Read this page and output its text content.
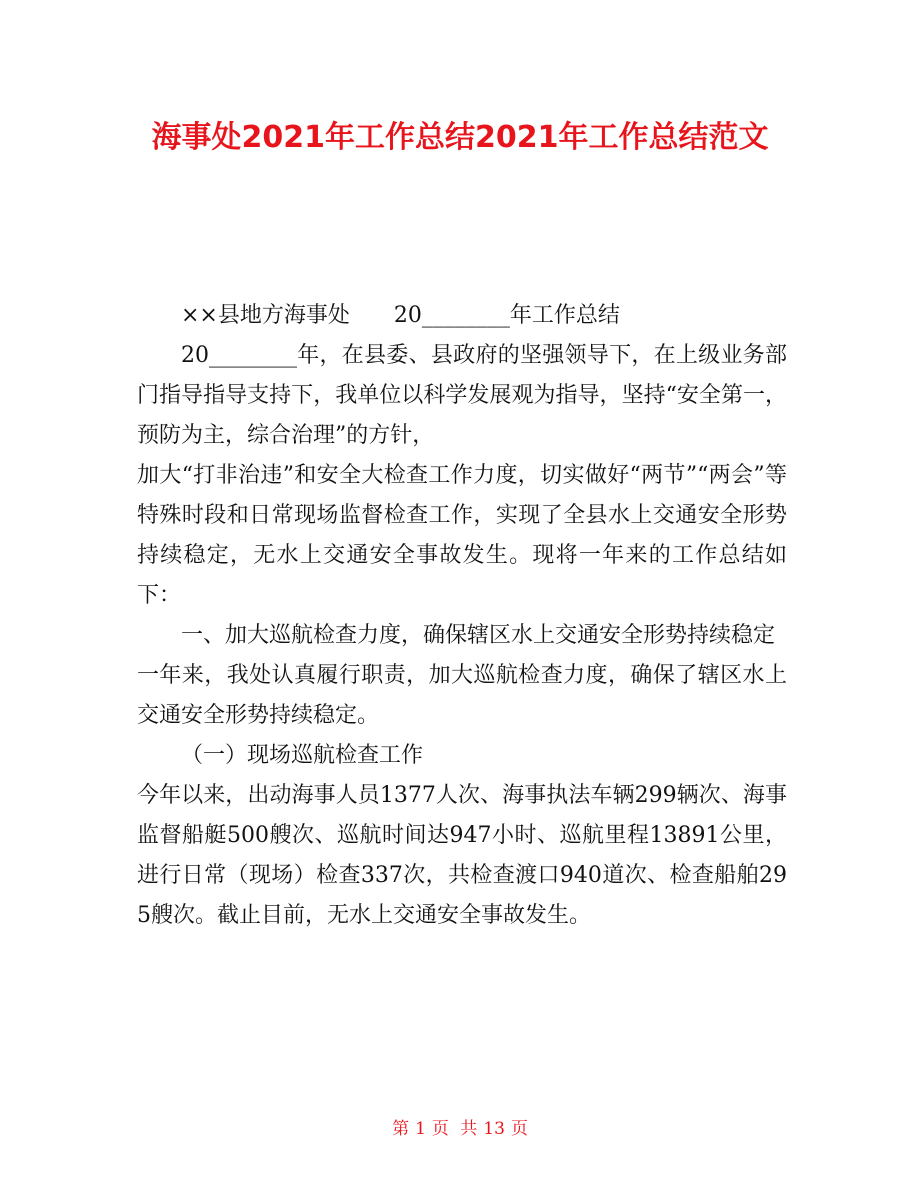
海事处2021年工作总结2021年工作总结范文

××县地方海事处 20________年工作总结

20________年，在县委、县政府的坚强领导下，在上级业务部门指导指导支持下，我单位以科学发展观为指导，坚持“安全第一，预防为主，综合治理”的方针，

加大“打非治违”和安全大检查工作力度，切实做好“两节”“两会”等特殊时段和日常现场监督检查工作，实现了全县水上交通安全形势持续稳定，无水上交通安全事故发生。现将一年来的工作总结如下：

一、加大巡航检查力度，确保辖区水上交通安全形势持续稳定

一年来，我处认真履行职责，加大巡航检查力度，确保了辖区水上交通安全形势持续稳定。

（一）现场巡航检查工作

今年以来，出动海事人员1377人次、海事执法车辆299辆次、海事监督船艇500艘次、巡航时间达947小时、巡航里程13891公里，进行日常（现场）检查337次，共检查渡口940道次、检查船舶295艘次。截止目前，无水上交通安全事故发生。

第 1 页 共 13 页
